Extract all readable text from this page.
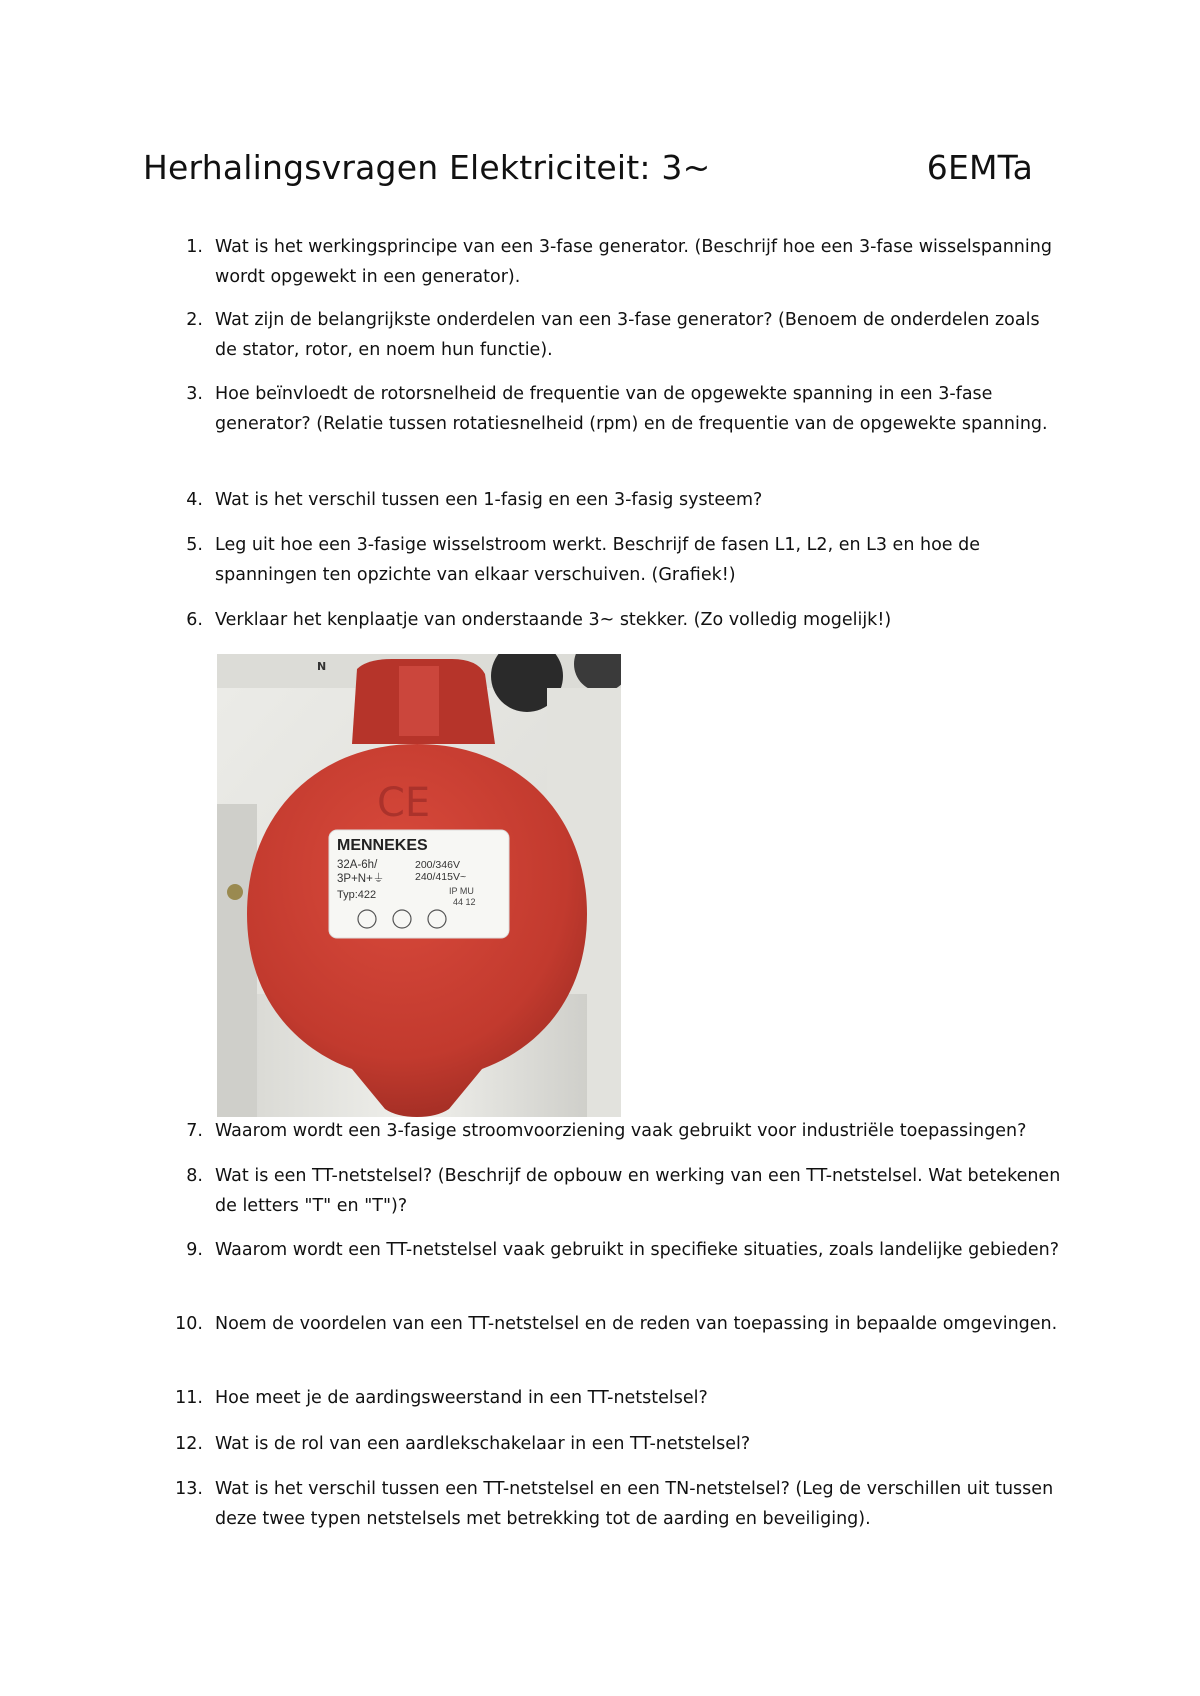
Herhalingsvragen Elektriciteit: 3~	6EMTa
1. Wat is het werkingsprincipe van een 3-fase generator. (Beschrijf hoe een 3-fase wisselspanning wordt opgewekt in een generator).
2. Wat zijn de belangrijkste onderdelen van een 3-fase generator? (Benoem de onderdelen zoals de stator, rotor, en noem hun functie).
3. Hoe beïnvloedt de rotorsnelheid de frequentie van de opgewekte spanning in een 3-fase generator? (Relatie tussen rotatiesnelheid (rpm) en de frequentie van de opgewekte spanning.
4. Wat is het verschil tussen een 1-fasig en een 3-fasig systeem?
5. Leg uit hoe een 3-fasige wisselstroom werkt. Beschrijf de fasen L1, L2, en L3 en hoe de spanningen ten opzichte van elkaar verschuiven. (Grafiek!)
6. Verklaar het kenplaatje van onderstaande 3~ stekker. (Zo volledig mogelijk!)
N
CE
MENNEKES
32A-6h/
3P+N+⏚
200/346V
240/415V~
Typ:422	IP MU
44 12
7. Waarom wordt een 3-fasige stroomvoorziening vaak gebruikt voor industriële toepassingen?
8. Wat is een TT-netstelsel? (Beschrijf de opbouw en werking van een TT-netstelsel. Wat betekenen de letters "T" en "T")?
9. Waarom wordt een TT-netstelsel vaak gebruikt in specifieke situaties, zoals landelijke gebieden?
10. Noem de voordelen van een TT-netstelsel en de reden van toepassing in bepaalde omgevingen.
11. Hoe meet je de aardingsweerstand in een TT-netstelsel?
12. Wat is de rol van een aardlekschakelaar in een TT-netstelsel?
13. Wat is het verschil tussen een TT-netstelsel en een TN-netstelsel? (Leg de verschillen uit tussen deze twee typen netstelsels met betrekking tot de aarding en beveiliging).
